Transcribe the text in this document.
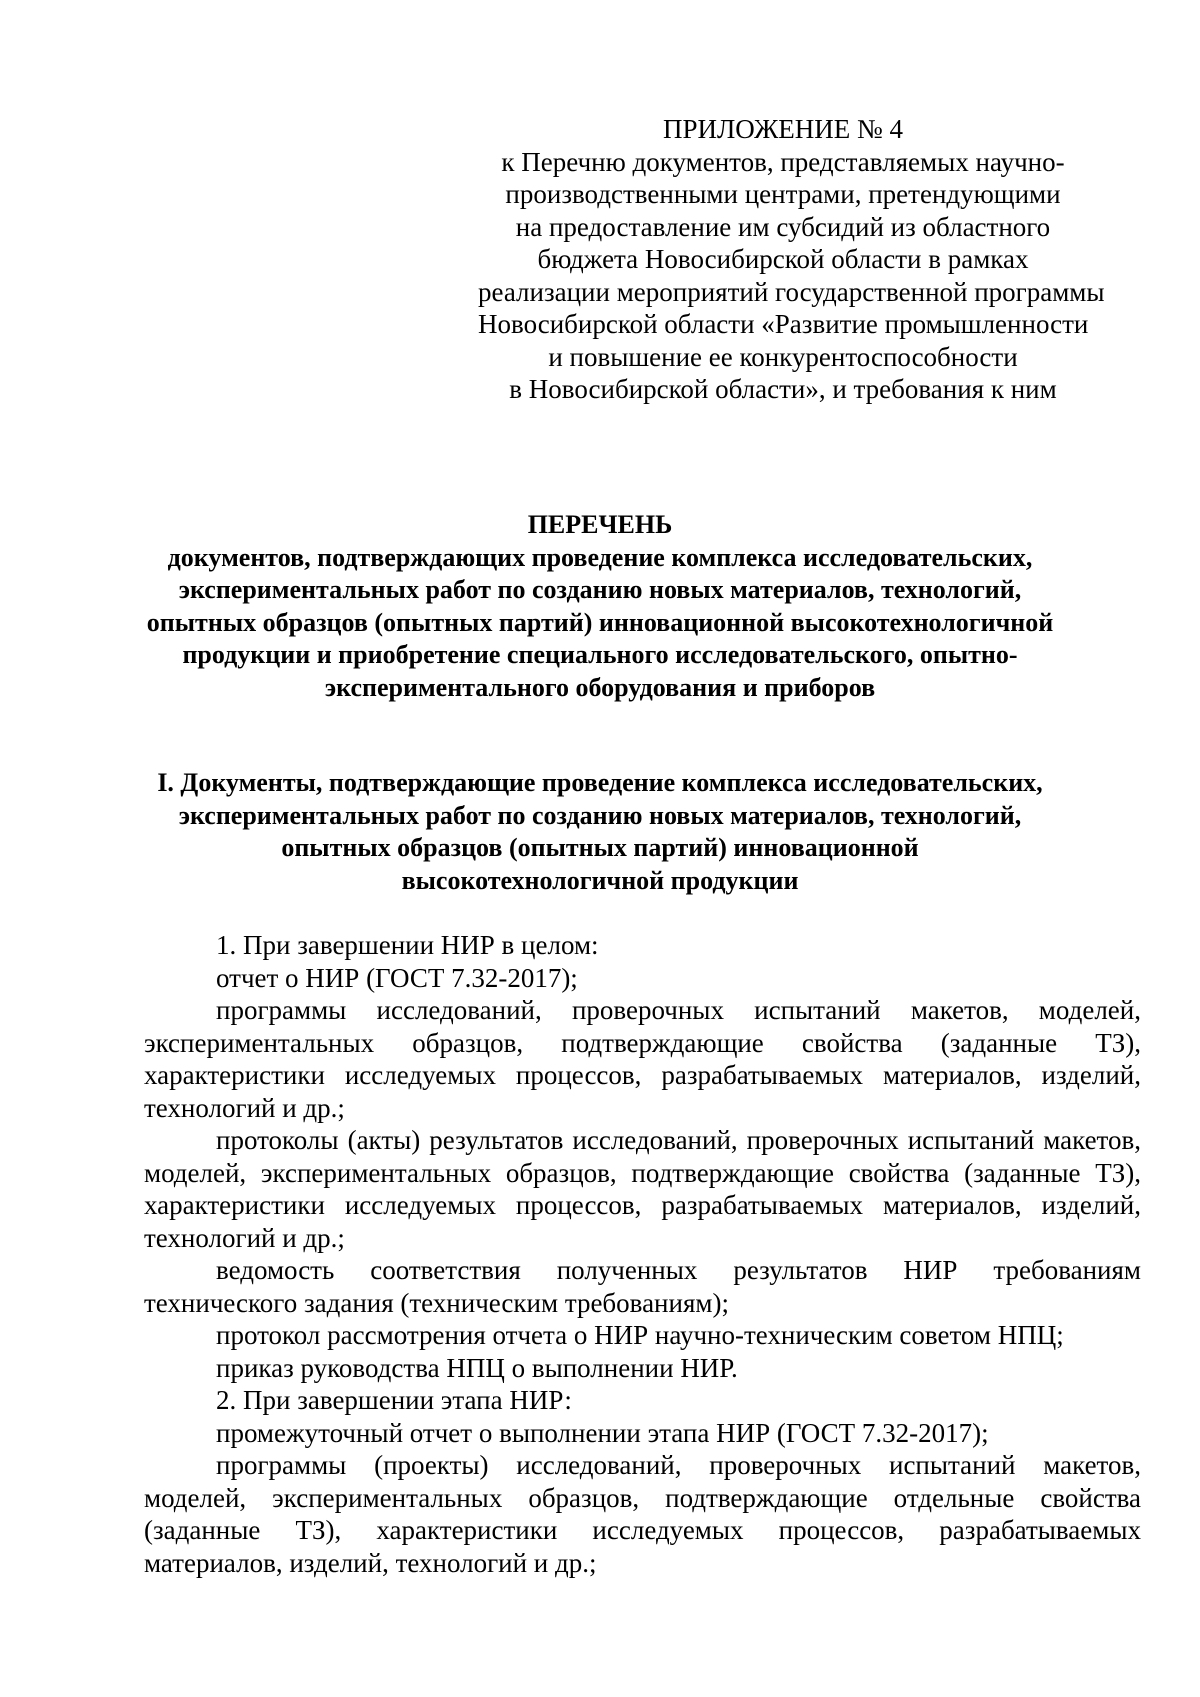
ПРИЛОЖЕНИЕ № 4
к Перечню документов, представляемых научно-
производственными центрами, претендующими
на предоставление им субсидий из областного
бюджета Новосибирской области в рамках
реализации мероприятий государственной программы
Новосибирской области «Развитие промышленности
и повышение ее конкурентоспособности
в Новосибирской области», и требования к ним
ПЕРЕЧЕНЬ
документов, подтверждающих проведение комплекса исследовательских,
экспериментальных работ по созданию новых материалов, технологий,
опытных образцов (опытных партий) инновационной высокотехнологичной
продукции и приобретение специального исследовательского, опытно-
экспериментального оборудования и приборов
I. Документы, подтверждающие проведение комплекса исследовательских,
экспериментальных работ по созданию новых материалов, технологий,
опытных образцов (опытных партий) инновационной
высокотехнологичной продукции

1. При завершении НИР в целом:

отчет о НИР (ГОСТ 7.32-2017);

программы исследований, проверочных испытаний макетов, моделей, экспериментальных образцов, подтверждающие свойства (заданные ТЗ), характеристики исследуемых процессов, разрабатываемых материалов, изделий, технологий и др.;

протоколы (акты) результатов исследований, проверочных испытаний макетов, моделей, экспериментальных образцов, подтверждающие свойства (заданные ТЗ), характеристики исследуемых процессов, разрабатываемых материалов, изделий, технологий и др.;

ведомость соответствия полученных результатов НИР требованиям технического задания (техническим требованиям);

протокол рассмотрения отчета о НИР научно-техническим советом НПЦ;

приказ руководства НПЦ о выполнении НИР.

2. При завершении этапа НИР:

промежуточный отчет о выполнении этапа НИР (ГОСТ 7.32-2017);

программы (проекты) исследований, проверочных испытаний макетов, моделей, экспериментальных образцов, подтверждающие отдельные свойства (заданные ТЗ), характеристики исследуемых процессов, разрабатываемых материалов, изделий, технологий и др.;
